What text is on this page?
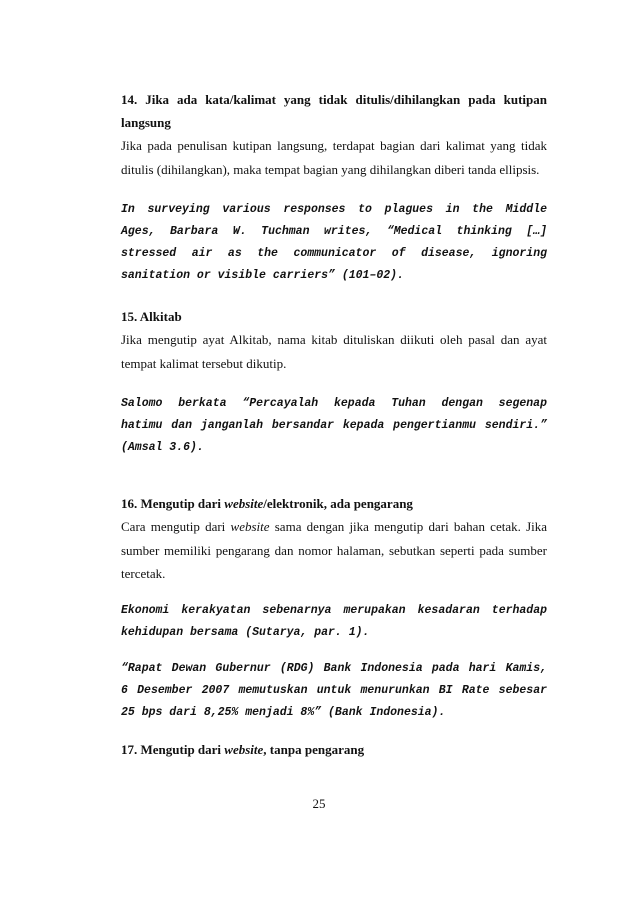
14. Jika ada kata/kalimat yang tidak ditulis/dihilangkan pada kutipan

langsung

Jika pada penulisan kutipan langsung, terdapat bagian dari kalimat yang tidak

ditulis (dihilangkan), maka tempat bagian yang dihilangkan diberi tanda ellipsis.

In surveying various responses to plagues in the Middle

Ages, Barbara W. Tuchman writes, “Medical thinking […]

stressed air as the communicator of disease, ignoring

sanitation or visible carriers” (101–02).

15. Alkitab

Jika mengutip ayat Alkitab, nama kitab dituliskan diikuti oleh pasal dan ayat

tempat kalimat tersebut dikutip.

Salomo berkata “Percayalah kepada Tuhan dengan segenap

hatimu dan janganlah bersandar kepada pengertianmu sendiri.”

(Amsal 3.6).

16. Mengutip dari website/elektronik, ada pengarang

Cara mengutip dari website sama dengan jika mengutip dari bahan cetak. Jika

sumber memiliki pengarang dan nomor halaman, sebutkan seperti pada sumber

tercetak.

Ekonomi kerakyatan sebenarnya merupakan kesadaran terhadap

kehidupan bersama (Sutarya, par. 1).

“Rapat Dewan Gubernur (RDG) Bank Indonesia pada hari Kamis,

6 Desember 2007 memutuskan untuk menurunkan BI Rate sebesar

25 bps dari 8,25% menjadi 8%” (Bank Indonesia).

17. Mengutip dari website, tanpa pengarang

25
